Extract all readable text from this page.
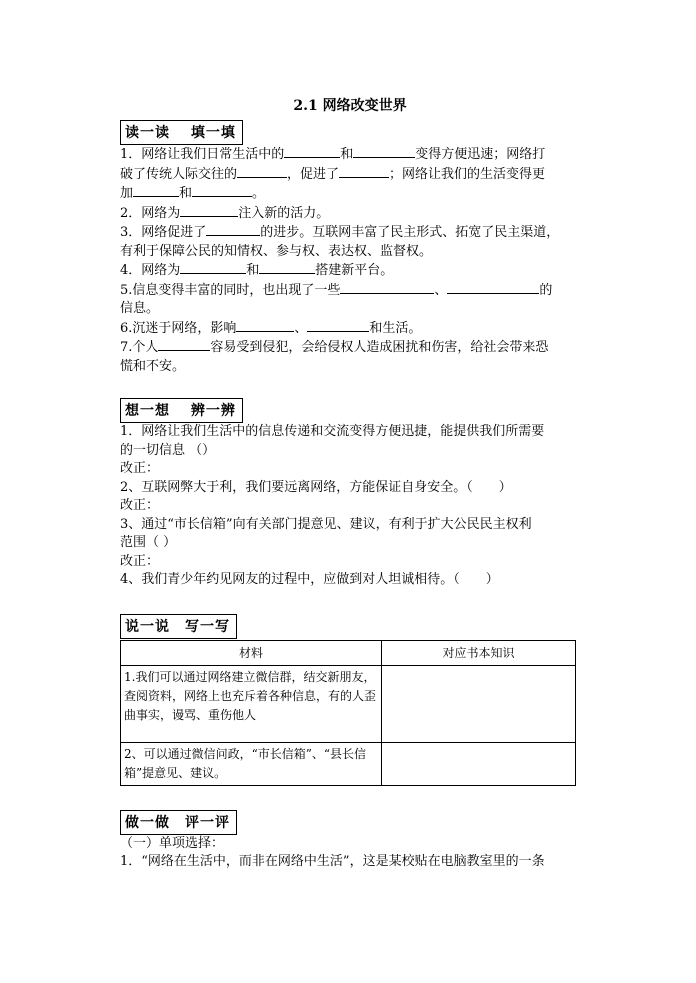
2.1 网络改变世界
读一读　 填一填
1．网络让我们日常生活中的	和	变得方便迅速；网络打
破了传统人际交往的	，促进了	；网络让我们的生活变得更
加	和	。
2．网络为	注入新的活力。
3．网络促进了	的进步。互联网丰富了民主形式、拓宽了民主渠道，
有利于保障公民的知情权、参与权、表达权、监督权。
4．网络为	和	搭建新平台。
5.信息变得丰富的同时，也出现了一些	、	的
信息。
6.沉迷于网络，影响	、	和生活。
7.个人	容易受到侵犯，会给侵权人造成困扰和伤害，给社会带来恐
慌和不安。
想一想　 辨一辨
1．网络让我们生活中的信息传递和交流变得方便迅捷，能提供我们所需要
的一切信息 （）
改正：
2、互联网弊大于利，我们要远离网络，方能保证自身安全。（　　）
改正：
3、通过“市长信箱”向有关部门提意见、建议，有利于扩大公民民主权利
范围（ ）
改正：
4、我们青少年约见网友的过程中，应做到对人坦诚相待。（　　）
说一说　写一写
材料	对应书本知识
1.我们可以通过网络建立微信群，结交新朋友，查阅资料，网络上也充斥着各种信息，有的人歪曲事实，谩骂、重伤他人	
2、可以通过微信问政，“市长信箱”、“县长信箱”提意见、建议。	
做一做　评一评
（一）单项选择：
1．“网络在生活中，而非在网络中生活”，这是某校贴在电脑教室里的一条
